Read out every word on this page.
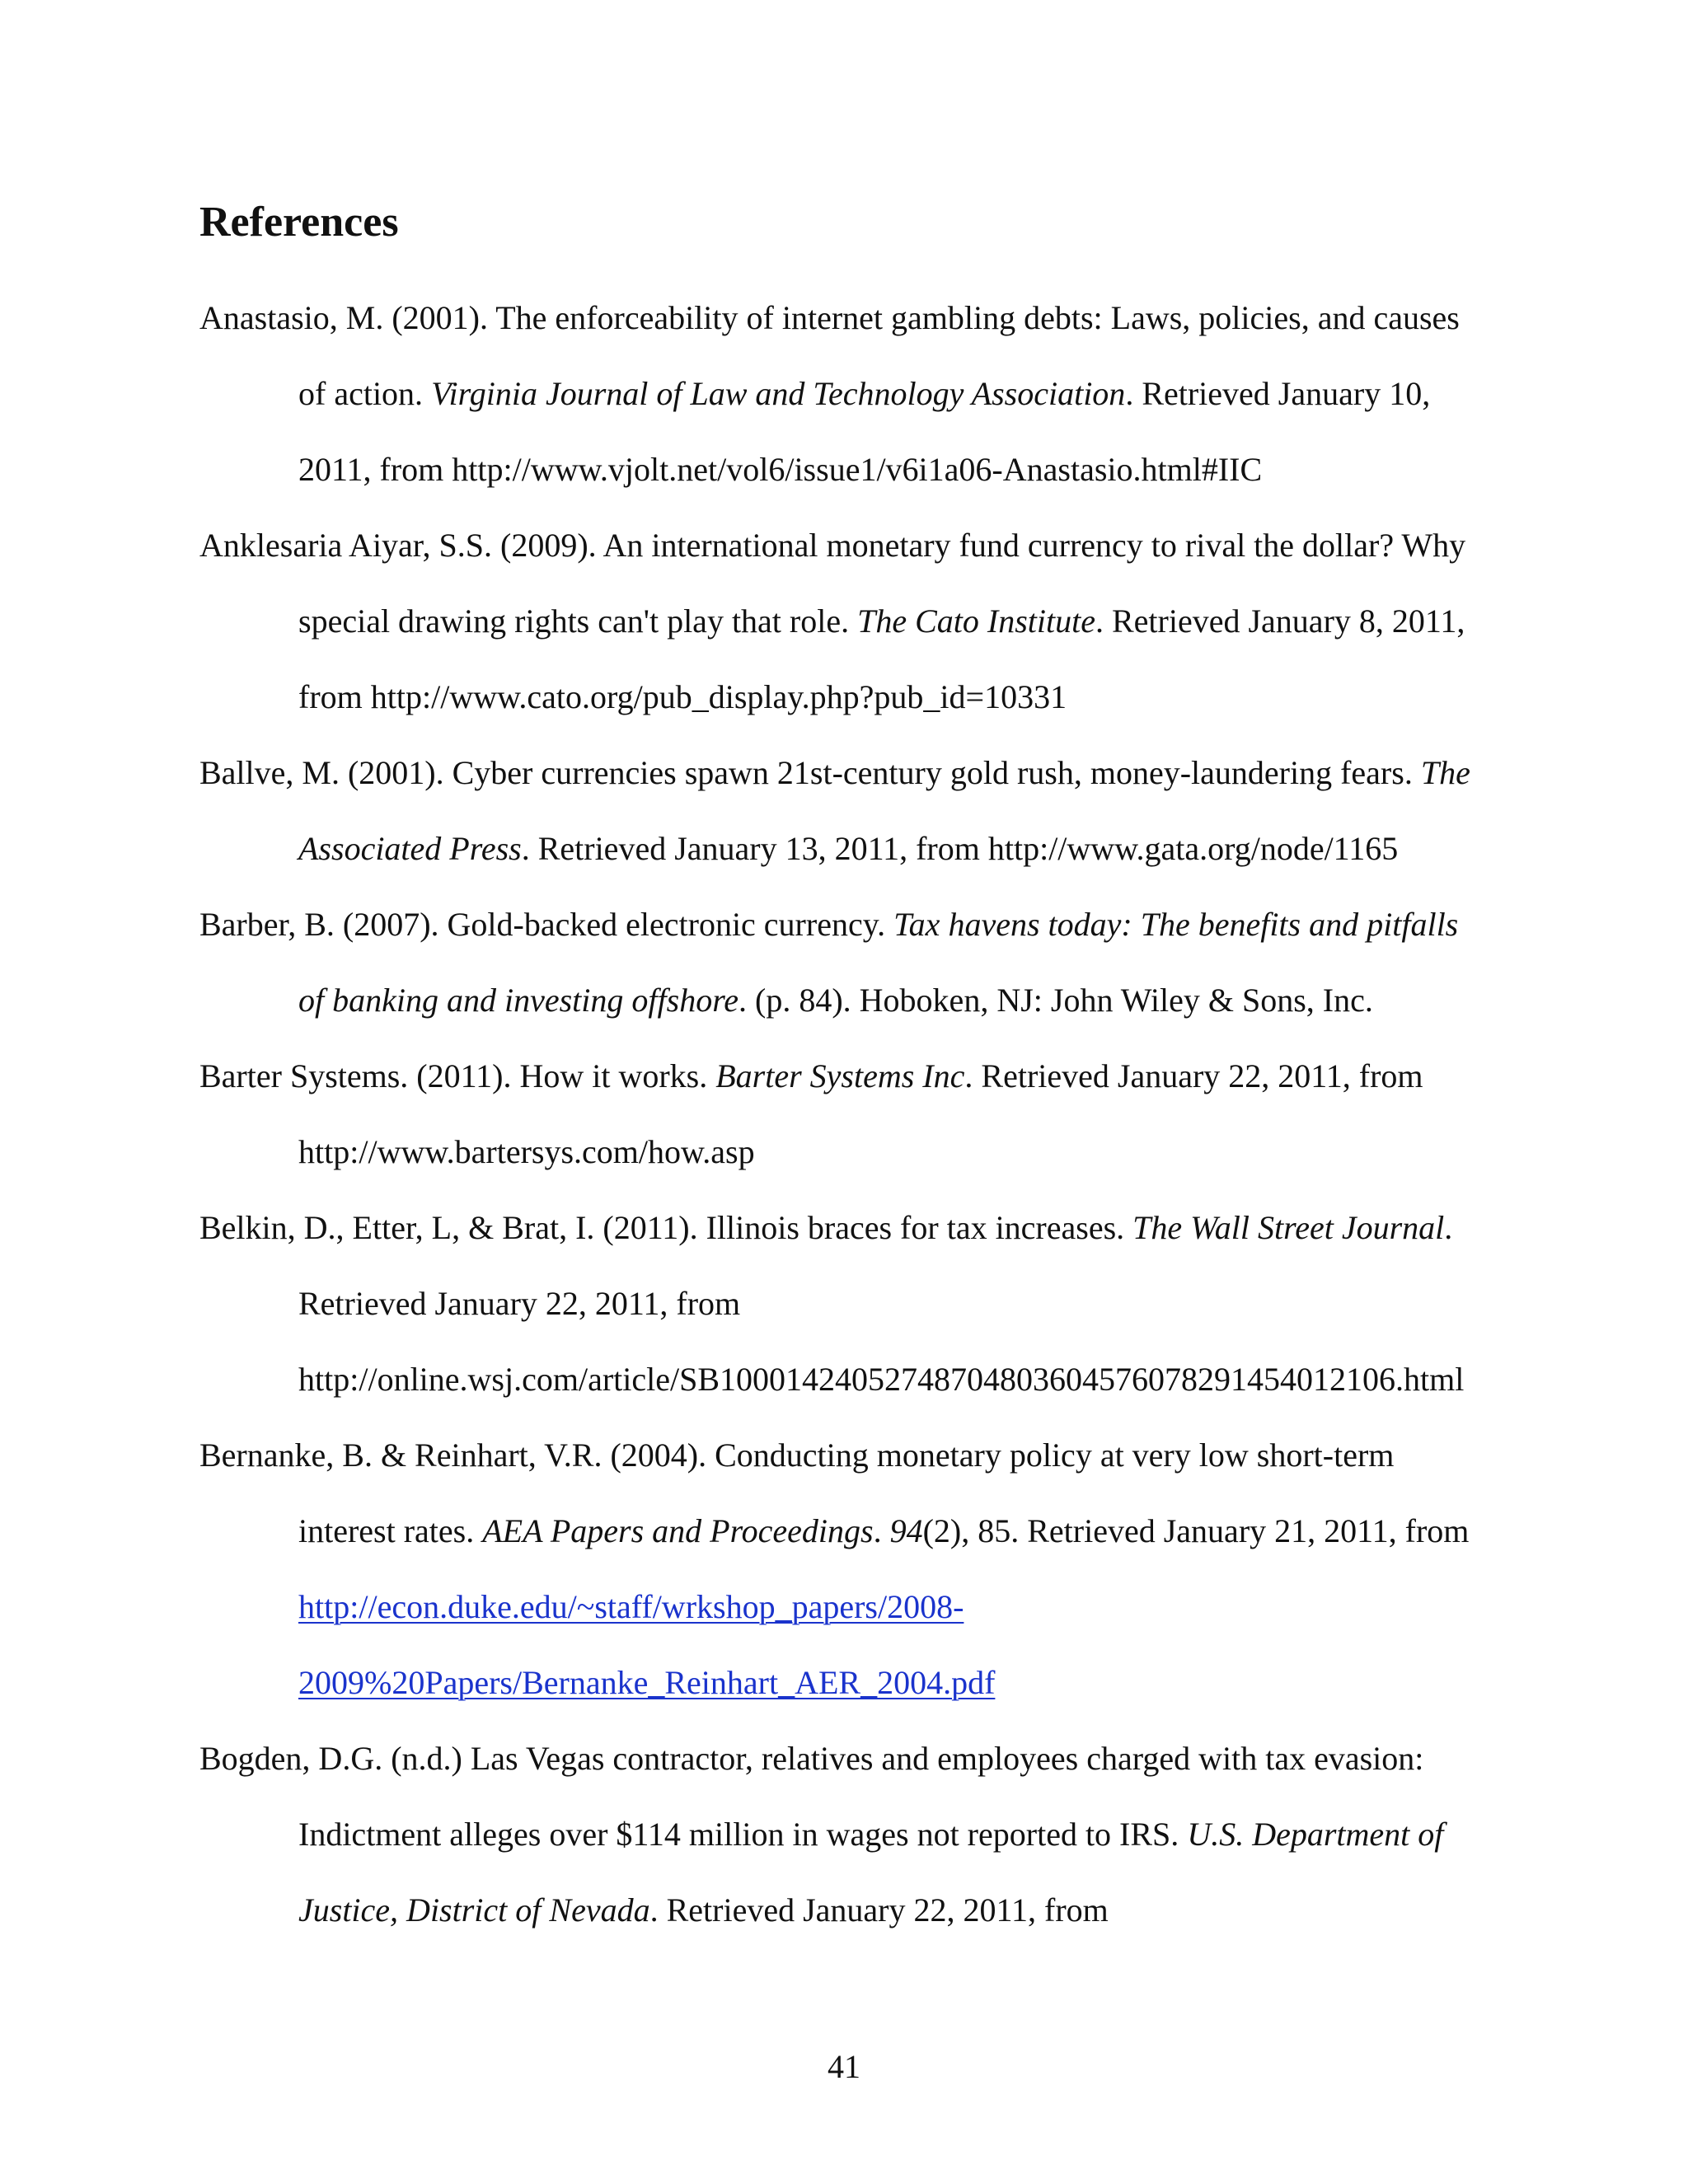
References

Anastasio, M. (2001). The enforceability of internet gambling debts: Laws, policies, and causes

of action. Virginia Journal of Law and Technology Association. Retrieved January 10,

2011, from http://www.vjolt.net/vol6/issue1/v6i1a06-Anastasio.html#IIC

Anklesaria Aiyar, S.S. (2009). An international monetary fund currency to rival the dollar? Why

special drawing rights can't play that role. The Cato Institute. Retrieved January 8, 2011,

from http://www.cato.org/pub_display.php?pub_id=10331

Ballve, M. (2001). Cyber currencies spawn 21st-century gold rush, money-laundering fears. The

Associated Press. Retrieved January 13, 2011, from http://www.gata.org/node/1165

Barber, B. (2007). Gold-backed electronic currency. Tax havens today: The benefits and pitfalls

of banking and investing offshore. (p. 84). Hoboken, NJ: John Wiley & Sons, Inc.

Barter Systems. (2011). How it works. Barter Systems Inc. Retrieved January 22, 2011, from

http://www.bartersys.com/how.asp

Belkin, D., Etter, L, & Brat, I. (2011). Illinois braces for tax increases. The Wall Street Journal.

Retrieved January 22, 2011, from

http://online.wsj.com/article/SB10001424052748704803604576078291454012106.html

Bernanke, B. & Reinhart, V.R. (2004). Conducting monetary policy at very low short-term

interest rates. AEA Papers and Proceedings. 94(2), 85. Retrieved January 21, 2011, from

http://econ.duke.edu/~staff/wrkshop_papers/2008-

2009%20Papers/Bernanke_Reinhart_AER_2004.pdf

Bogden, D.G. (n.d.) Las Vegas contractor, relatives and employees charged with tax evasion:

Indictment alleges over $114 million in wages not reported to IRS. U.S. Department of

Justice, District of Nevada. Retrieved January 22, 2011, from

41
